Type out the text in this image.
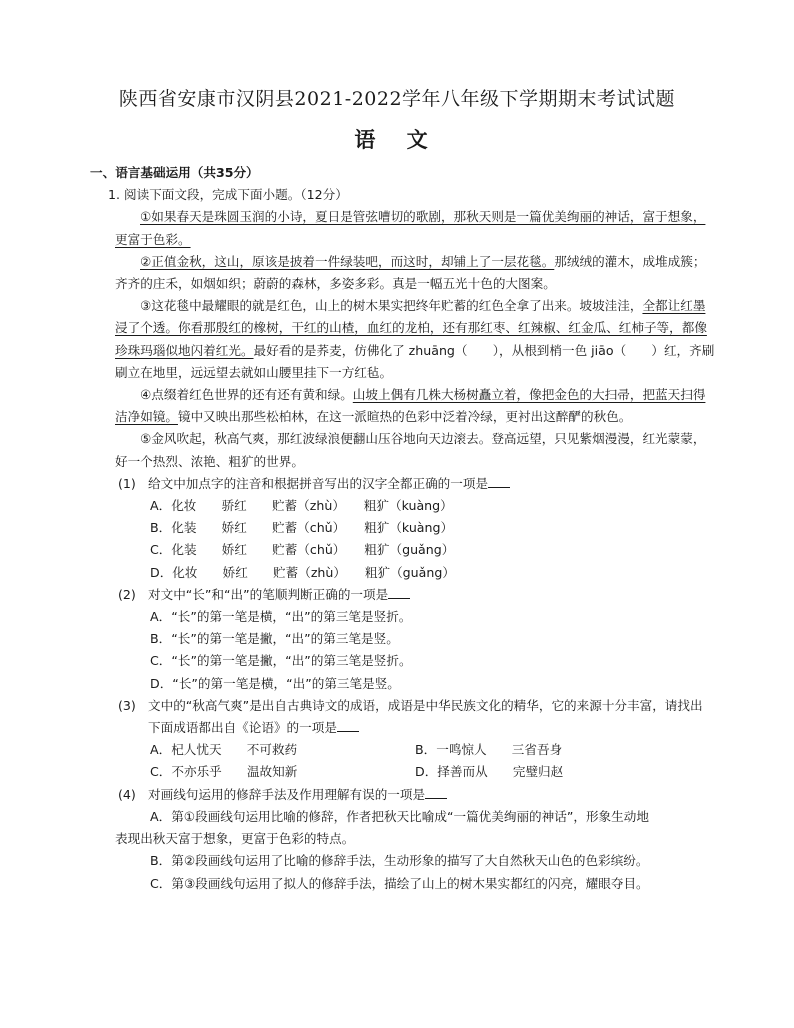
陕西省安康市汉阴县2021-2022学年八年级下学期期末考试试题
语 文
一、语言基础运用（共35分）
1. 阅读下面文段，完成下面小题。（12分）
①如果春天是珠圆玉润的小诗，夏日是管弦嘈切的歌剧，那秋天则是一篇优美绚丽的神话，富于想象，更富于色彩。
②正值金秋，这山，原该是披着一件绿装吧，而这时，却铺上了一层花毯。那绒绒的灌木，成堆成簇；齐齐的庄禾，如烟如织；蔚蔚的森林，多姿多彩。真是一幅五光十色的大图案。
③这花毯中最耀眼的就是红色，山上的树木果实把终年贮蓄的红色全拿了出来。坡坡洼洼，全都让红墨浸了个透。你看那殷红的橡树，干红的山楂，血红的龙柏，还有那红枣、红辣椒、红金瓜、红柿子等，都像珍珠玛瑙似地闪着红光。最好看的是荞麦，仿佛化了 zhuāng（　　），从根到梢一色 jiāo（　　）红，齐刷刷立在地里，远远望去就如山腰里挂下一方红毡。
④点缀着红色世界的还有还有黄和绿。山坡上偶有几株大杨树矗立着，像把金色的大扫帚，把蓝天扫得洁净如镜。镜中又映出那些松柏林，在这一派暄热的色彩中泛着冷绿，更衬出这醉酽的秋色。
⑤金风吹起，秋高气爽，那红波绿浪便翻山压谷地向天边滚去。登高远望，只见紫烟漫漫，红光蒙蒙，好一个热烈、浓艳、粗犷的世界。
(1) 给文中加点字的注音和根据拼音写出的汉字全都正确的一项是
A．化妆　　骄红　　贮蓄（zhù）　　粗犷（kuàng）
B．化装　　娇红　　贮蓄（chǔ）　　粗犷（kuàng）
C．化装　　娇红　　贮蓄（chǔ）　　粗犷（guǎng）
D．化妆　　娇红　　贮蓄（zhù）　　粗犷（guǎng）
(2) 对文中“长”和“出”的笔顺判断正确的一项是
A．“长”的第一笔是横，“出”的第三笔是竖折。
B．“长”的第一笔是撇，“出”的第三笔是竖。
C．“长”的第一笔是撇，“出”的第三笔是竖折。
D．“长”的第一笔是横，“出”的第三笔是竖。
(3) 文中的“秋高气爽”是出自古典诗文的成语，成语是中华民族文化的精华，它的来源十分丰富，请找出下面成语都出自《论语》的一项是
A．杞人忧天　　不可救药	B．一鸣惊人　　三省吾身
C．不亦乐乎　　温故知新	D．择善而从　　完璧归赵
(4) 对画线句运用的修辞手法及作用理解有误的一项是
A．第①段画线句运用比喻的修辞，作者把秋天比喻成“一篇优美绚丽的神话”，形象生动地
表现出秋天富于想象，更富于色彩的特点。
B．第②段画线句运用了比喻的修辞手法，生动形象的描写了大自然秋天山色的色彩缤纷。
C．第③段画线句运用了拟人的修辞手法，描绘了山上的树木果实都红的闪亮，耀眼夺目。
